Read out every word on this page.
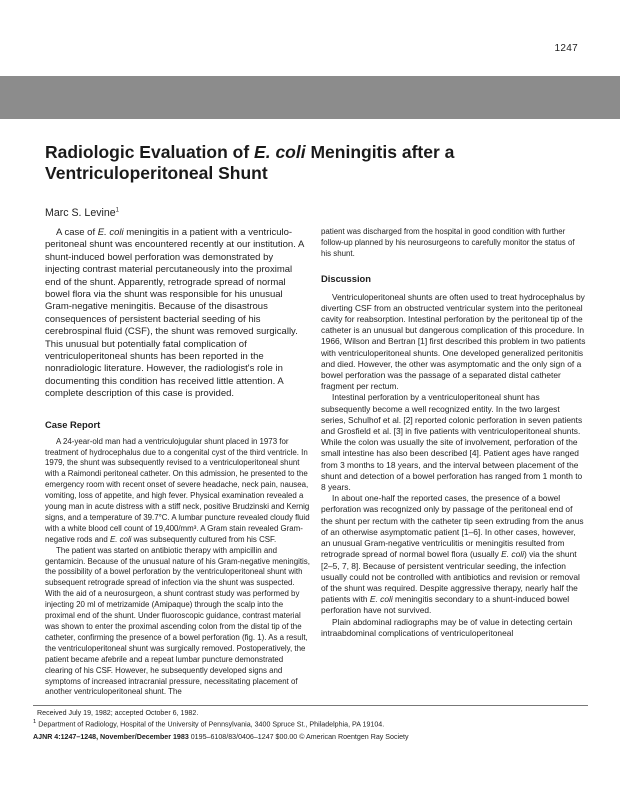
1247
Radiologic Evaluation of E. coli Meningitis after a Ventriculoperitoneal Shunt

Marc S. Levine$^1$

A case of E. coli meningitis in a patient with a ventriculo-peritoneal shunt was encountered recently at our institution. A shunt-induced bowel perforation was demonstrated by injecting contrast material percutaneously into the proximal end of the shunt. Apparently, retrograde spread of normal bowel flora via the shunt was responsible for his unusual Gram-negative meningitis. Because of the disastrous consequences of persistent bacterial seeding of his cerebrospinal fluid (CSF), the shunt was removed surgically. This unusual but potentially fatal complication of ventriculoperitoneal shunts has been reported in the nonradiologic literature. However, the radiologist's role in documenting this condition has received little attention. A complete description of this case is provided.

Case Report

A 24-year-old man had a ventriculojugular shunt placed in 1973 for treatment of hydrocephalus due to a congenital cyst of the third ventricle. In 1979, the shunt was subsequently revised to a ventriculoperitoneal shunt with a Raimondi peritoneal catheter. On this admission, he presented to the emergency room with recent onset of severe headache, neck pain, nausea, vomiting, loss of appetite, and high fever. Physical examination revealed a young man in acute distress with a stiff neck, positive Brudzinski and Kernig signs, and a temperature of 39.7°C. A lumbar puncture revealed cloudy fluid with a white blood cell count of 19,400/mm³. A Gram stain revealed Gram-negative rods and E. coli was subsequently cultured from his CSF.

The patient was started on antibiotic therapy with ampicillin and gentamicin. Because of the unusual nature of his Gram-negative meningitis, the possibility of a bowel perforation by the ventriculoperitoneal shunt with subsequent retrograde spread of infection via the shunt was suspected. With the aid of a neurosurgeon, a shunt contrast study was performed by injecting 20 ml of metrizamide (Amipaque) through the scalp into the proximal end of the shunt. Under fluoroscopic guidance, contrast material was shown to enter the proximal ascending colon from the distal tip of the catheter, confirming the presence of a bowel perforation (fig. 1). As a result, the ventriculoperitoneal shunt was surgically removed. Postoperatively, the patient became afebrile and a repeat lumbar puncture demonstrated clearing of his CSF. However, he subsequently developed signs and symptoms of increased intracranial pressure, necessitating placement of another ventriculoperitoneal shunt. The

patient was discharged from the hospital in good condition with further follow-up planned by his neurosurgeons to carefully monitor the status of his shunt.

Discussion

Ventriculoperitoneal shunts are often used to treat hydrocephalus by diverting CSF from an obstructed ventricular system into the peritoneal cavity for reabsorption. Intestinal perforation by the peritoneal tip of the catheter is an unusual but dangerous complication of this procedure. In 1966, Wilson and Bertran [1] first described this problem in two patients with ventriculoperitoneal shunts. One developed generalized peritonitis and died. However, the other was asymptomatic and the only sign of a bowel perforation was the passage of a separated distal catheter fragment per rectum.

Intestinal perforation by a ventriculoperitoneal shunt has subsequently become a well recognized entity. In the two largest series, Schulhof et al. [2] reported colonic perforation in seven patients and Grosfield et al. [3] in five patients with ventriculoperitoneal shunts. While the colon was usually the site of involvement, perforation of the small intestine has also been described [4]. Patient ages have ranged from 3 months to 18 years, and the interval between placement of the shunt and detection of a bowel perforation has ranged from 1 month to 8 years.

In about one-half the reported cases, the presence of a bowel perforation was recognized only by passage of the peritoneal end of the shunt per rectum with the catheter tip seen extruding from the anus of an otherwise asymptomatic patient [1–6]. In other cases, however, an unusual Gram-negative ventriculitis or meningitis resulted from retrograde spread of normal bowel flora (usually E. coli) via the shunt [2–5, 7, 8]. Because of persistent ventricular seeding, the infection usually could not be controlled with antibiotics and revision or removal of the shunt was required. Despite aggressive therapy, nearly half the patients with E. coli meningitis secondary to a shunt-induced bowel perforation have not survived.

Plain abdominal radiographs may be of value in detecting certain intraabdominal complications of ventriculoperitoneal

Received July 19, 1982; accepted October 6, 1982.

$^1$ Department of Radiology, Hospital of the University of Pennsylvania, 3400 Spruce St., Philadelphia, PA 19104.

AJNR 4:1247–1248, November/December 1983 0195–6108/83/0406–1247 $00.00 © American Roentgen Ray Society
